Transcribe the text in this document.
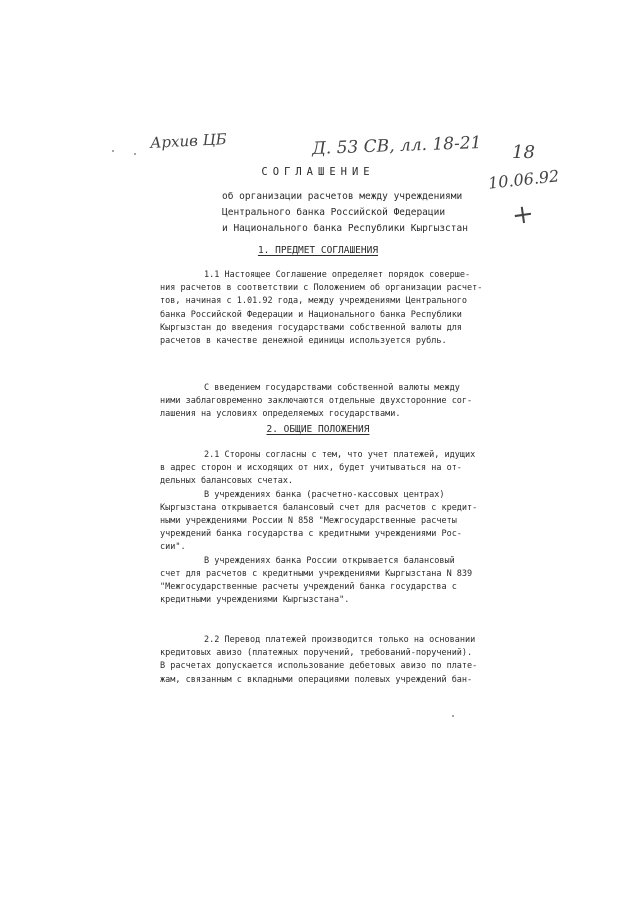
Архив ЦБ	Д. 53 СВ, лл. 18-21 18
10.06.92
+
СОГЛАШЕНИЕ
об организации расчетов между учреждениями
Центрального банка Российской Федерации
и Национального банка Республики Кыргызстан
1. ПРЕДМЕТ СОГЛАШЕНИЯ
1.1 Настоящее Соглашение определяет порядок соверше-
ния расчетов в соответствии с Положением об организации расчет-
тов, начиная с 1.01.92 года, между учреждениями Центрального
банка Российской Федерации и Национального банка Республики
Кыргызстан до введения государствами собственной валюты для
расчетов в качестве денежной единицы используется рубль.
С введением государствами собственной валюты между
ними заблаговременно заключаются отдельные двухсторонние сог-
лашения на условиях определяемых государствами.
2. ОБЩИЕ ПОЛОЖЕНИЯ
2.1 Стороны согласны с тем, что учет платежей, идущих
в адрес сторон и исходящих от них, будет учитываться на от-
дельных балансовых счетах.
В учреждениях банка (расчетно-кассовых центрах)
Кыргызстана открывается балансовый счет для расчетов с кредит-
ными учреждениями России N 858 "Межгосударственные расчеты
учреждений банка государства с кредитными учреждениями Рос-
сии".
В учреждениях банка России открывается балансовый
счет для расчетов с кредитными учреждениями Кыргызстана N 839
"Межгосударственные расчеты учреждений банка государства с
кредитными учреждениями Кыргызстана".
2.2 Перевод платежей производится только на основании
кредитовых авизо (платежных поручений, требований-поручений).
В расчетах допускается использование дебетовых авизо по плате-
жам, связанным с вкладными операциями полевых учреждений бан-
